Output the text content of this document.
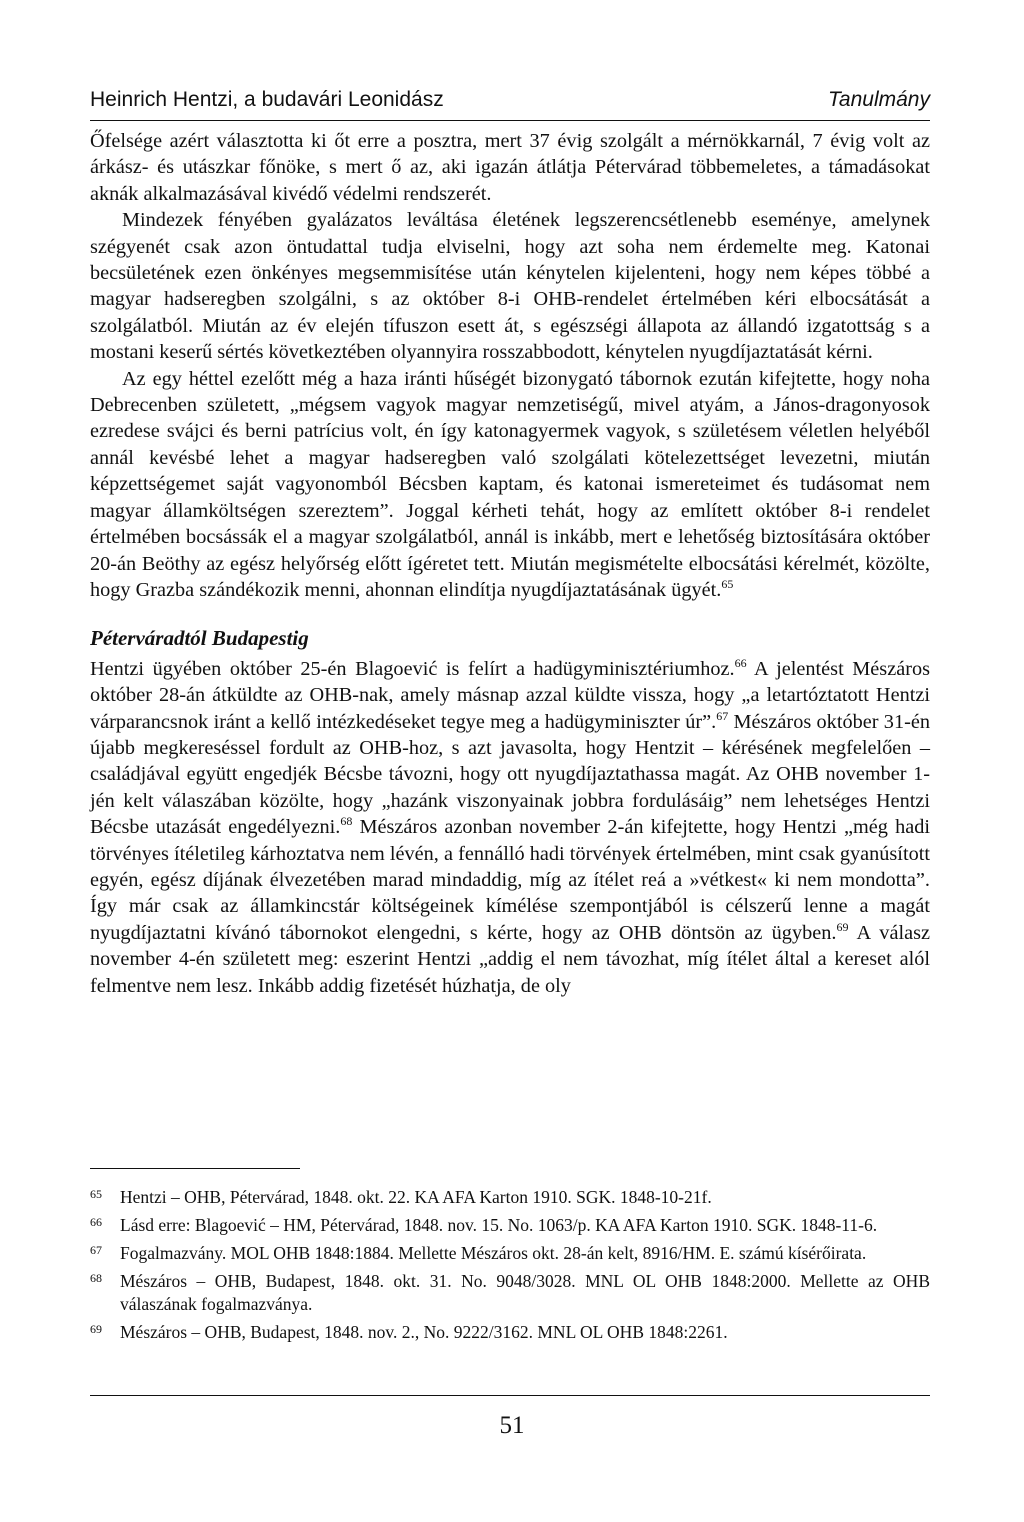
Heinrich Hentzi, a budavári Leonidász	Tanulmány

Őfelsége azért választotta ki őt erre a posztra, mert 37 évig szolgált a mérnökkarnál, 7 évig volt az árkász- és utászkar főnöke, s mert ő az, aki igazán átlátja Pétervárad többemeletes, a támadásokat aknák alkalmazásával kivédő védelmi rendszerét.

Mindezek fényében gyalázatos leváltása életének legszerencsétlenebb eseménye, amelynek szégyenét csak azon öntudattal tudja elviselni, hogy azt soha nem érdemelte meg. Katonai becsületének ezen önkényes megsemmisítése után kénytelen kijelenteni, hogy nem képes többé a magyar hadseregben szolgálni, s az október 8-i OHB-rendelet értelmében kéri elbocsátását a szolgálatból. Miután az év elején tífuszon esett át, s egészségi állapota az állandó izgatottság s a mostani keserű sértés következtében olyannyira rosszabbodott, kénytelen nyugdíjaztatását kérni.

Az egy héttel ezelőtt még a haza iránti hűségét bizonygató tábornok ezután kifejtette, hogy noha Debrecenben született, „mégsem vagyok magyar nemzetiségű, mivel atyám, a János-dragonyosok ezredese svájci és berni patrícius volt, én így katonagyermek vagyok, s születésem véletlen helyéből annál kevésbé lehet a magyar hadseregben való szolgálati kötelezettséget levezetni, miután képzettségemet saját vagyonomból Bécsben kaptam, és katonai ismereteimet és tudásomat nem magyar államköltségen szereztem”. Joggal kérheti tehát, hogy az említett október 8-i rendelet értelmében bocsássák el a magyar szolgálatból, annál is inkább, mert e lehetőség biztosítására október 20-án Beöthy az egész helyőrség előtt ígéretet tett. Miután megismételte elbocsátási kérelmét, közölte, hogy Grazba szándékozik menni, ahonnan elindítja nyugdíjaztatásának ügyét.$^{65}$

Péterváradtól Budapestig

Hentzi ügyében október 25-én Blagoević is felírt a hadügyminisztériumhoz.$^{66}$ A jelentést Mészáros október 28-án átküldte az OHB-nak, amely másnap azzal küldte vissza, hogy „a letartóztatott Hentzi várparancsnok iránt a kellő intézkedéseket tegye meg a hadügyminiszter úr”.$^{67}$ Mészáros október 31-én újabb megkereséssel fordult az OHB-hoz, s azt javasolta, hogy Hentzit – kérésének megfelelően – családjával együtt engedjék Bécsbe távozni, hogy ott nyugdíjaztathassa magát. Az OHB november 1-jén kelt válaszában közölte, hogy „hazánk viszonyainak jobbra fordulásáig” nem lehetséges Hentzi Bécsbe utazását engedélyezni.$^{68}$ Mészáros azonban november 2-án kifejtette, hogy Hentzi „még hadi törvényes ítéletileg kárhoztatva nem lévén, a fennálló hadi törvények értelmében, mint csak gyanúsított egyén, egész díjának élvezetében marad mindaddig, míg az ítélet reá a »vétkest« ki nem mondotta”. Így már csak az államkincstár költségeinek kímélése szempontjából is célszerű lenne a magát nyugdíjaztatni kívánó tábornokot elengedni, s kérte, hogy az OHB döntsön az ügyben.$^{69}$ A válasz november 4-én született meg: eszerint Hentzi „addig el nem távozhat, míg ítélet által a kereset alól felmentve nem lesz. Inkább addig fizetését húzhatja, de oly

65	Hentzi – OHB, Pétervárad, 1848. okt. 22. KA AFA Karton 1910. SGK. 1848-10-21f.
66	Lásd erre: Blagoević – HM, Pétervárad, 1848. nov. 15. No. 1063/p. KA AFA Karton 1910. SGK. 1848-11-6.
67	Fogalmazvány. MOL OHB 1848:1884. Mellette Mészáros okt. 28-án kelt, 8916/HM. E. számú kísérőirata.
68	Mészáros – OHB, Budapest, 1848. okt. 31. No. 9048/3028. MNL OL OHB 1848:2000. Mellette az OHB válaszának fogalmazványa.
69	Mészáros – OHB, Budapest, 1848. nov. 2., No. 9222/3162. MNL OL OHB 1848:2261.
51
